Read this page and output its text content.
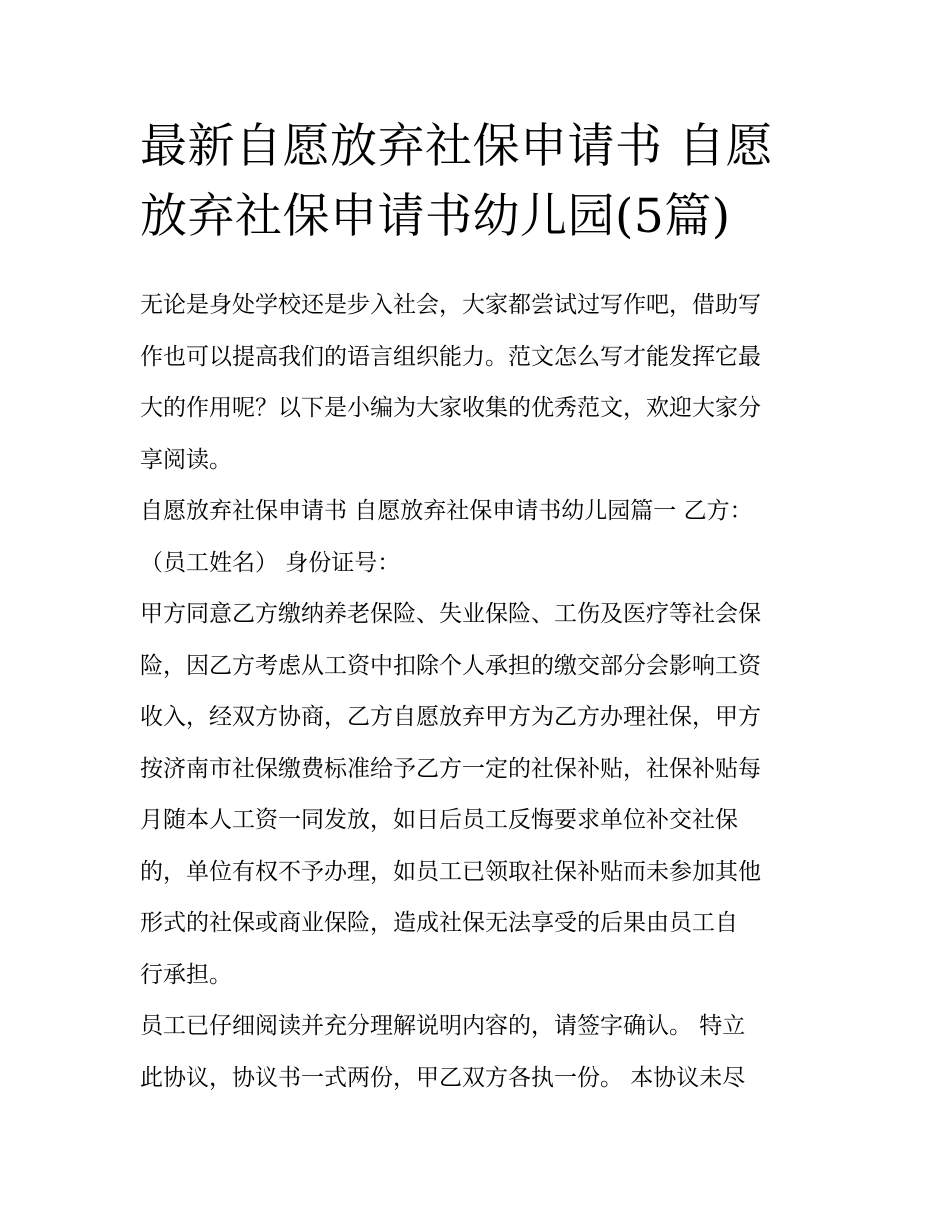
最新自愿放弃社保申请书 自愿
放弃社保申请书幼儿园(5篇)

无论是身处学校还是步入社会，大家都尝试过写作吧，借助写
作也可以提高我们的语言组织能力。范文怎么写才能发挥它最
大的作用呢？以下是小编为大家收集的优秀范文，欢迎大家分
享阅读。

自愿放弃社保申请书 自愿放弃社保申请书幼儿园篇一 乙方：
（员工姓名） 身份证号：

甲方同意乙方缴纳养老保险、失业保险、工伤及医疗等社会保
险，因乙方考虑从工资中扣除个人承担的缴交部分会影响工资
收入，经双方协商，乙方自愿放弃甲方为乙方办理社保，甲方
按济南市社保缴费标准给予乙方一定的社保补贴，社保补贴每
月随本人工资一同发放，如日后员工反悔要求单位补交社保
的，单位有权不予办理，如员工已领取社保补贴而未参加其他
形式的社保或商业保险，造成社保无法享受的后果由员工自
行承担。

员工已仔细阅读并充分理解说明内容的，请签字确认。 特立
此协议，协议书一式两份，甲乙双方各执一份。 本协议未尽
